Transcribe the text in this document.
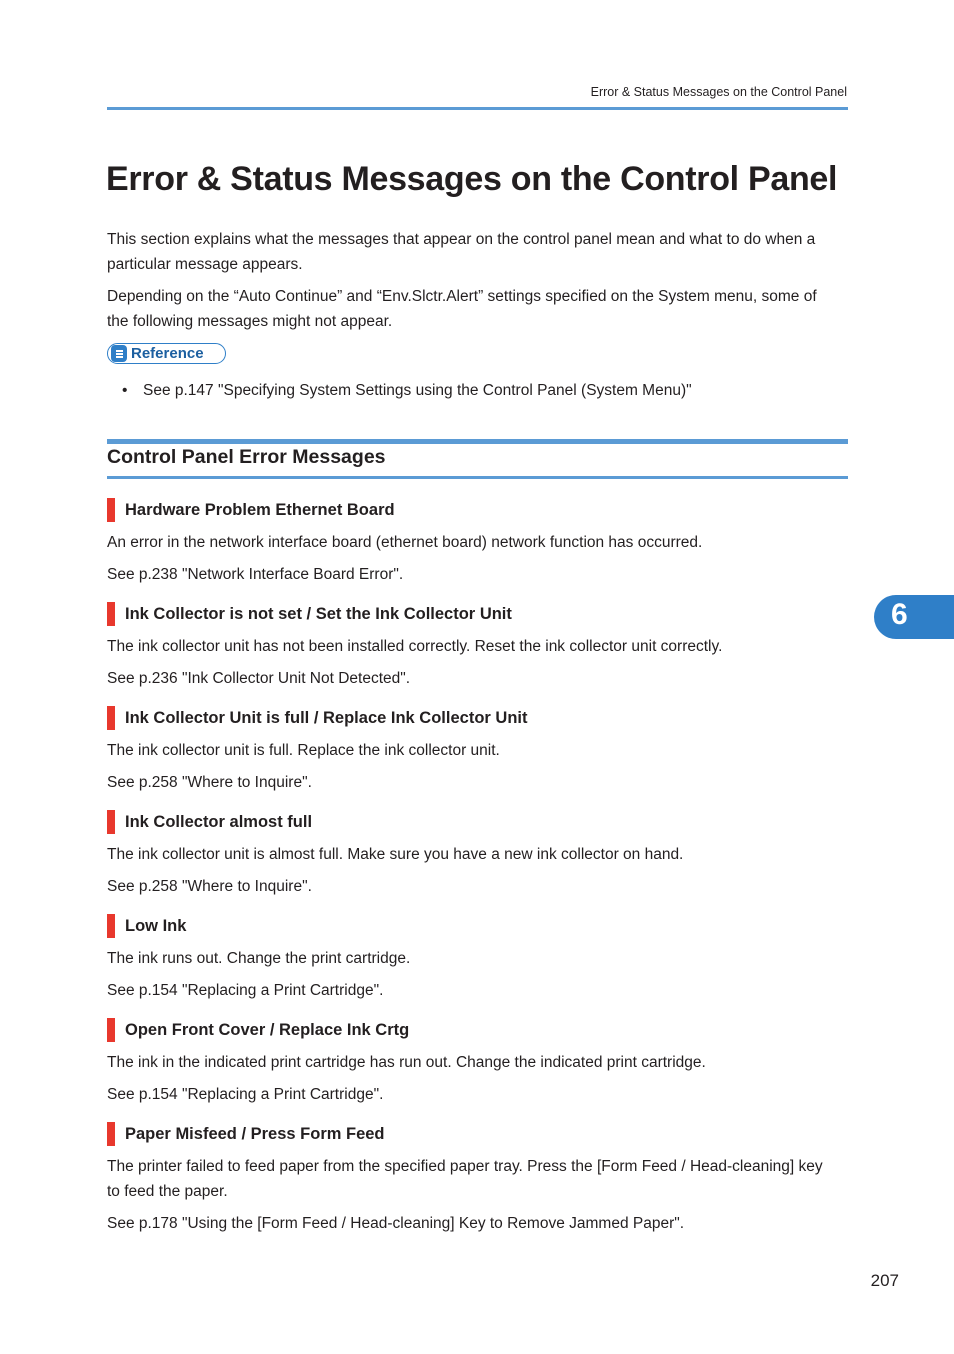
Error & Status Messages on the Control Panel
Error & Status Messages on the Control Panel

This section explains what the messages that appear on the control panel mean and what to do when a
particular message appears.

Depending on the “Auto Continue” and “Env.Slctr.Alert” settings specified on the System menu, some of
the following messages might not appear.

Reference
• See p.147 "Specifying System Settings using the Control Panel (System Menu)"
Control Panel Error Messages
Hardware Problem Ethernet Board

An error in the network interface board (ethernet board) network function has occurred.

See p.238 "Network Interface Board Error".

Ink Collector is not set / Set the Ink Collector Unit

The ink collector unit has not been installed correctly. Reset the ink collector unit correctly.

See p.236 "Ink Collector Unit Not Detected".

Ink Collector Unit is full / Replace Ink Collector Unit

The ink collector unit is full. Replace the ink collector unit.

See p.258 "Where to Inquire".

Ink Collector almost full

The ink collector unit is almost full. Make sure you have a new ink collector on hand.

See p.258 "Where to Inquire".

Low Ink

The ink runs out. Change the print cartridge.

See p.154 "Replacing a Print Cartridge".

Open Front Cover / Replace Ink Crtg

The ink in the indicated print cartridge has run out. Change the indicated print cartridge.

See p.154 "Replacing a Print Cartridge".

Paper Misfeed / Press Form Feed

The printer failed to feed paper from the specified paper tray. Press the [Form Feed / Head-cleaning] key
to feed the paper.

See p.178 "Using the [Form Feed / Head-cleaning] Key to Remove Jammed Paper".

6
207
